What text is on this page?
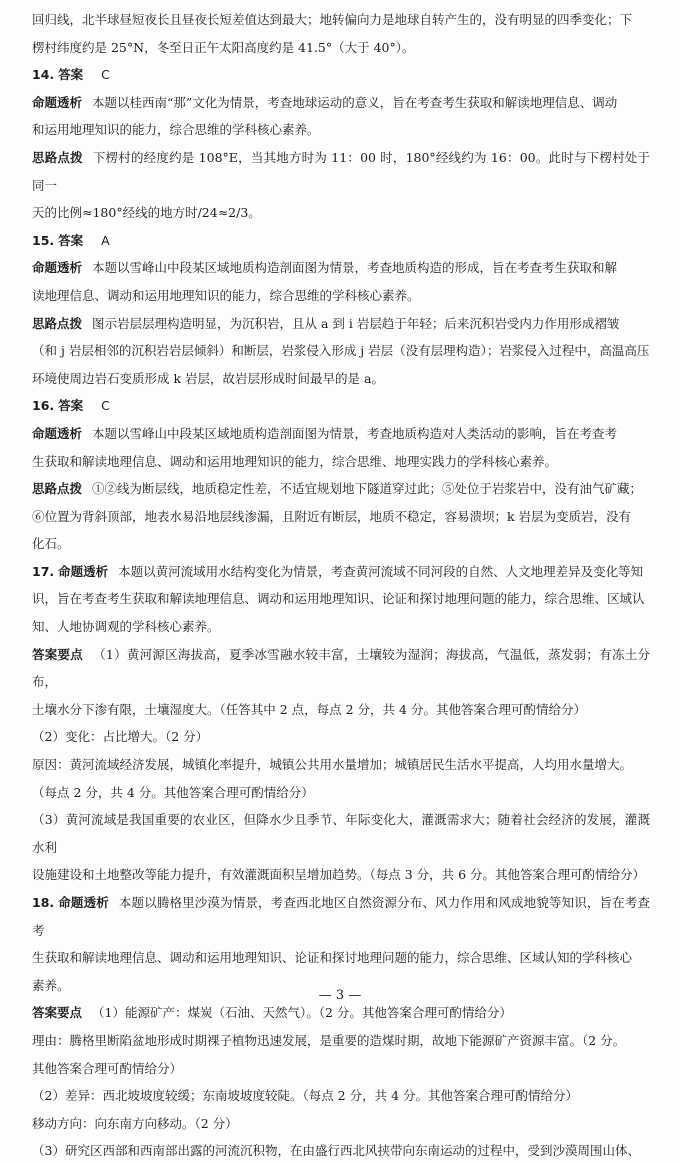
回归线，北半球昼短夜长且昼夜长短差值达到最大；地转偏向力是地球自转产生的，没有明显的四季变化；下

楞村纬度约是 25°N，冬至日正午太阳高度约是 41.5°（大于 40°）。

14. 答案 C

命题透析 本题以桂西南“那”文化为情景，考查地球运动的意义，旨在考查考生获取和解读地理信息、调动

和运用地理知识的能力，综合思维的学科核心素养。

思路点拨 下楞村的经度约是 108°E，当其地方时为 11：00 时，180°经线约为 16：00。此时与下楞村处于同一

天的比例≈180°经线的地方时/24≈2/3。

15. 答案 A

命题透析 本题以雪峰山中段某区域地质构造剖面图为情景，考查地质构造的形成，旨在考查考生获取和解

读地理信息、调动和运用地理知识的能力，综合思维的学科核心素养。

思路点拨 图示岩层层理构造明显，为沉积岩，且从 a 到 i 岩层趋于年轻；后来沉积岩受内力作用形成褶皱

（和 j 岩层相邻的沉积岩岩层倾斜）和断层，岩浆侵入形成 j 岩层（没有层理构造）；岩浆侵入过程中，高温高压

环境使周边岩石变质形成 k 岩层，故岩层形成时间最早的是 a。

16. 答案 C

命题透析 本题以雪峰山中段某区域地质构造剖面图为情景，考查地质构造对人类活动的影响，旨在考查考

生获取和解读地理信息、调动和运用地理知识的能力，综合思维、地理实践力的学科核心素养。

思路点拨 ①②线为断层线，地质稳定性差，不适宜规划地下隧道穿过此；⑤处位于岩浆岩中，没有油气矿藏；

⑥位置为背斜顶部，地表水易沿地层线渗漏，且附近有断层，地质不稳定，容易溃坝；k 岩层为变质岩，没有

化石。

17. 命题透析 本题以黄河流域用水结构变化为情景，考查黄河流域不同河段的自然、人文地理差异及变化等知

识，旨在考查考生获取和解读地理信息、调动和运用地理知识、论证和探讨地理问题的能力，综合思维、区域认

知、人地协调观的学科核心素养。

答案要点 （1）黄河源区海拔高，夏季冰雪融水较丰富，土壤较为湿润；海拔高，气温低，蒸发弱；有冻土分布，

土壤水分下渗有限，土壤湿度大。（任答其中 2 点，每点 2 分，共 4 分。其他答案合理可酌情给分）

（2）变化：占比增大。（2 分）

原因：黄河流域经济发展，城镇化率提升，城镇公共用水量增加；城镇居民生活水平提高，人均用水量增大。

（每点 2 分，共 4 分。其他答案合理可酌情给分）

（3）黄河流域是我国重要的农业区，但降水少且季节、年际变化大，灌溉需求大；随着社会经济的发展，灌溉水利

设施建设和土地整改等能力提升，有效灌溉面积呈增加趋势。（每点 3 分，共 6 分。其他答案合理可酌情给分）

18. 命题透析 本题以腾格里沙漠为情景，考查西北地区自然资源分布、风力作用和风成地貌等知识，旨在考查考

生获取和解读地理信息、调动和运用地理知识、论证和探讨地理问题的能力，综合思维、区域认知的学科核心

素养。

答案要点 （1）能源矿产：煤炭（石油、天然气）。（2 分。其他答案合理可酌情给分）

理由：腾格里断陷盆地形成时期裸子植物迅速发展，是重要的造煤时期，故地下能源矿产资源丰富。（2 分。

其他答案合理可酌情给分）

（2）差异：西北坡坡度较缓；东南坡坡度较陡。（每点 2 分，共 4 分。其他答案合理可酌情给分）

移动方向：向东南方向移动。（2 分）

（3）研究区西部和西南部出露的河流沉积物，在由盛行西北风挟带向东南运动的过程中，受到沙漠周围山体、

— 3 —
